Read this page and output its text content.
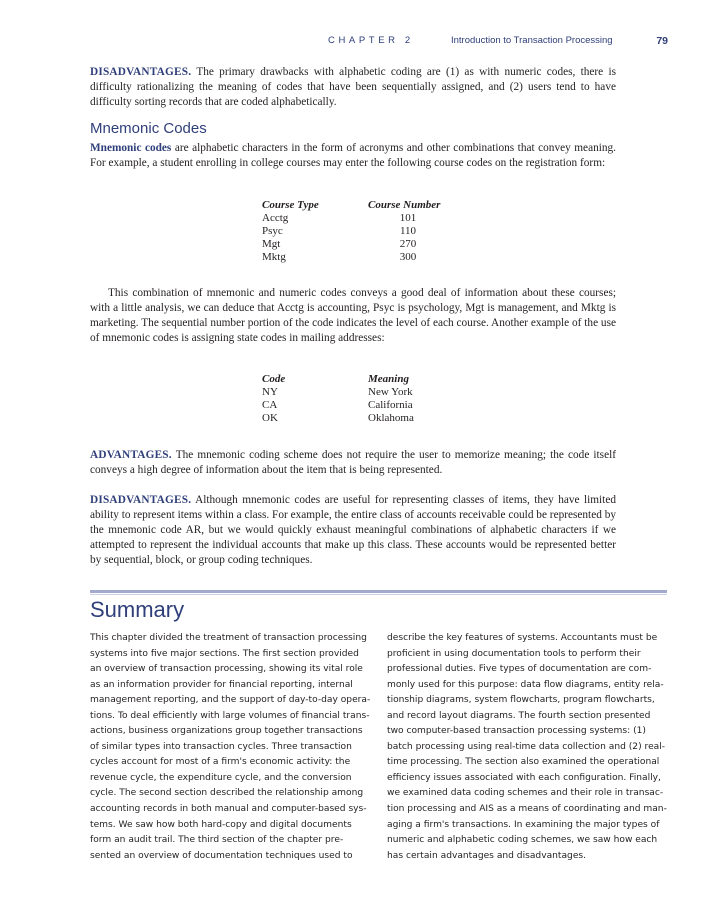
CHAPTER 2	Introduction to Transaction Processing	79

DISADVANTAGES. The primary drawbacks with alphabetic coding are (1) as with numeric codes, there is difficulty rationalizing the meaning of codes that have been sequentially assigned, and (2) users tend to have difficulty sorting records that are coded alphabetically.

Mnemonic Codes

Mnemonic codes are alphabetic characters in the form of acronyms and other combinations that convey meaning. For example, a student enrolling in college courses may enter the following course codes on the registration form:

Course Type	Course Number
Acctg	101
Psyc	110
Mgt	270
Mktg	300

This combination of mnemonic and numeric codes conveys a good deal of information about these courses; with a little analysis, we can deduce that Acctg is accounting, Psyc is psychology, Mgt is management, and Mktg is marketing. The sequential number portion of the code indicates the level of each course. Another example of the use of mnemonic codes is assigning state codes in mailing addresses:

Code	Meaning
NY	New York
CA	California
OK	Oklahoma

ADVANTAGES. The mnemonic coding scheme does not require the user to memorize meaning; the code itself conveys a high degree of information about the item that is being represented.

DISADVANTAGES. Although mnemonic codes are useful for representing classes of items, they have limited ability to represent items within a class. For example, the entire class of accounts receivable could be represented by the mnemonic code AR, but we would quickly exhaust meaningful combinations of alphabetic characters if we attempted to represent the individual accounts that make up this class. These accounts would be represented better by sequential, block, or group coding techniques.

Summary
This chapter divided the treatment of transaction processing
systems into five major sections. The first section provided
an overview of transaction processing, showing its vital role
as an information provider for financial reporting, internal
management reporting, and the support of day-to-day opera-
tions. To deal efficiently with large volumes of financial trans-
actions, business organizations group together transactions
of similar types into transaction cycles. Three transaction
cycles account for most of a firm's economic activity: the
revenue cycle, the expenditure cycle, and the conversion
cycle. The second section described the relationship among
accounting records in both manual and computer-based sys-
tems. We saw how both hard-copy and digital documents
form an audit trail. The third section of the chapter pre-
sented an overview of documentation techniques used to
describe the key features of systems. Accountants must be
proficient in using documentation tools to perform their
professional duties. Five types of documentation are com-
monly used for this purpose: data flow diagrams, entity rela-
tionship diagrams, system flowcharts, program flowcharts,
and record layout diagrams. The fourth section presented
two computer-based transaction processing systems: (1)
batch processing using real-time data collection and (2) real-
time processing. The section also examined the operational
efficiency issues associated with each configuration. Finally,
we examined data coding schemes and their role in transac-
tion processing and AIS as a means of coordinating and man-
aging a firm's transactions. In examining the major types of
numeric and alphabetic coding schemes, we saw how each
has certain advantages and disadvantages.
